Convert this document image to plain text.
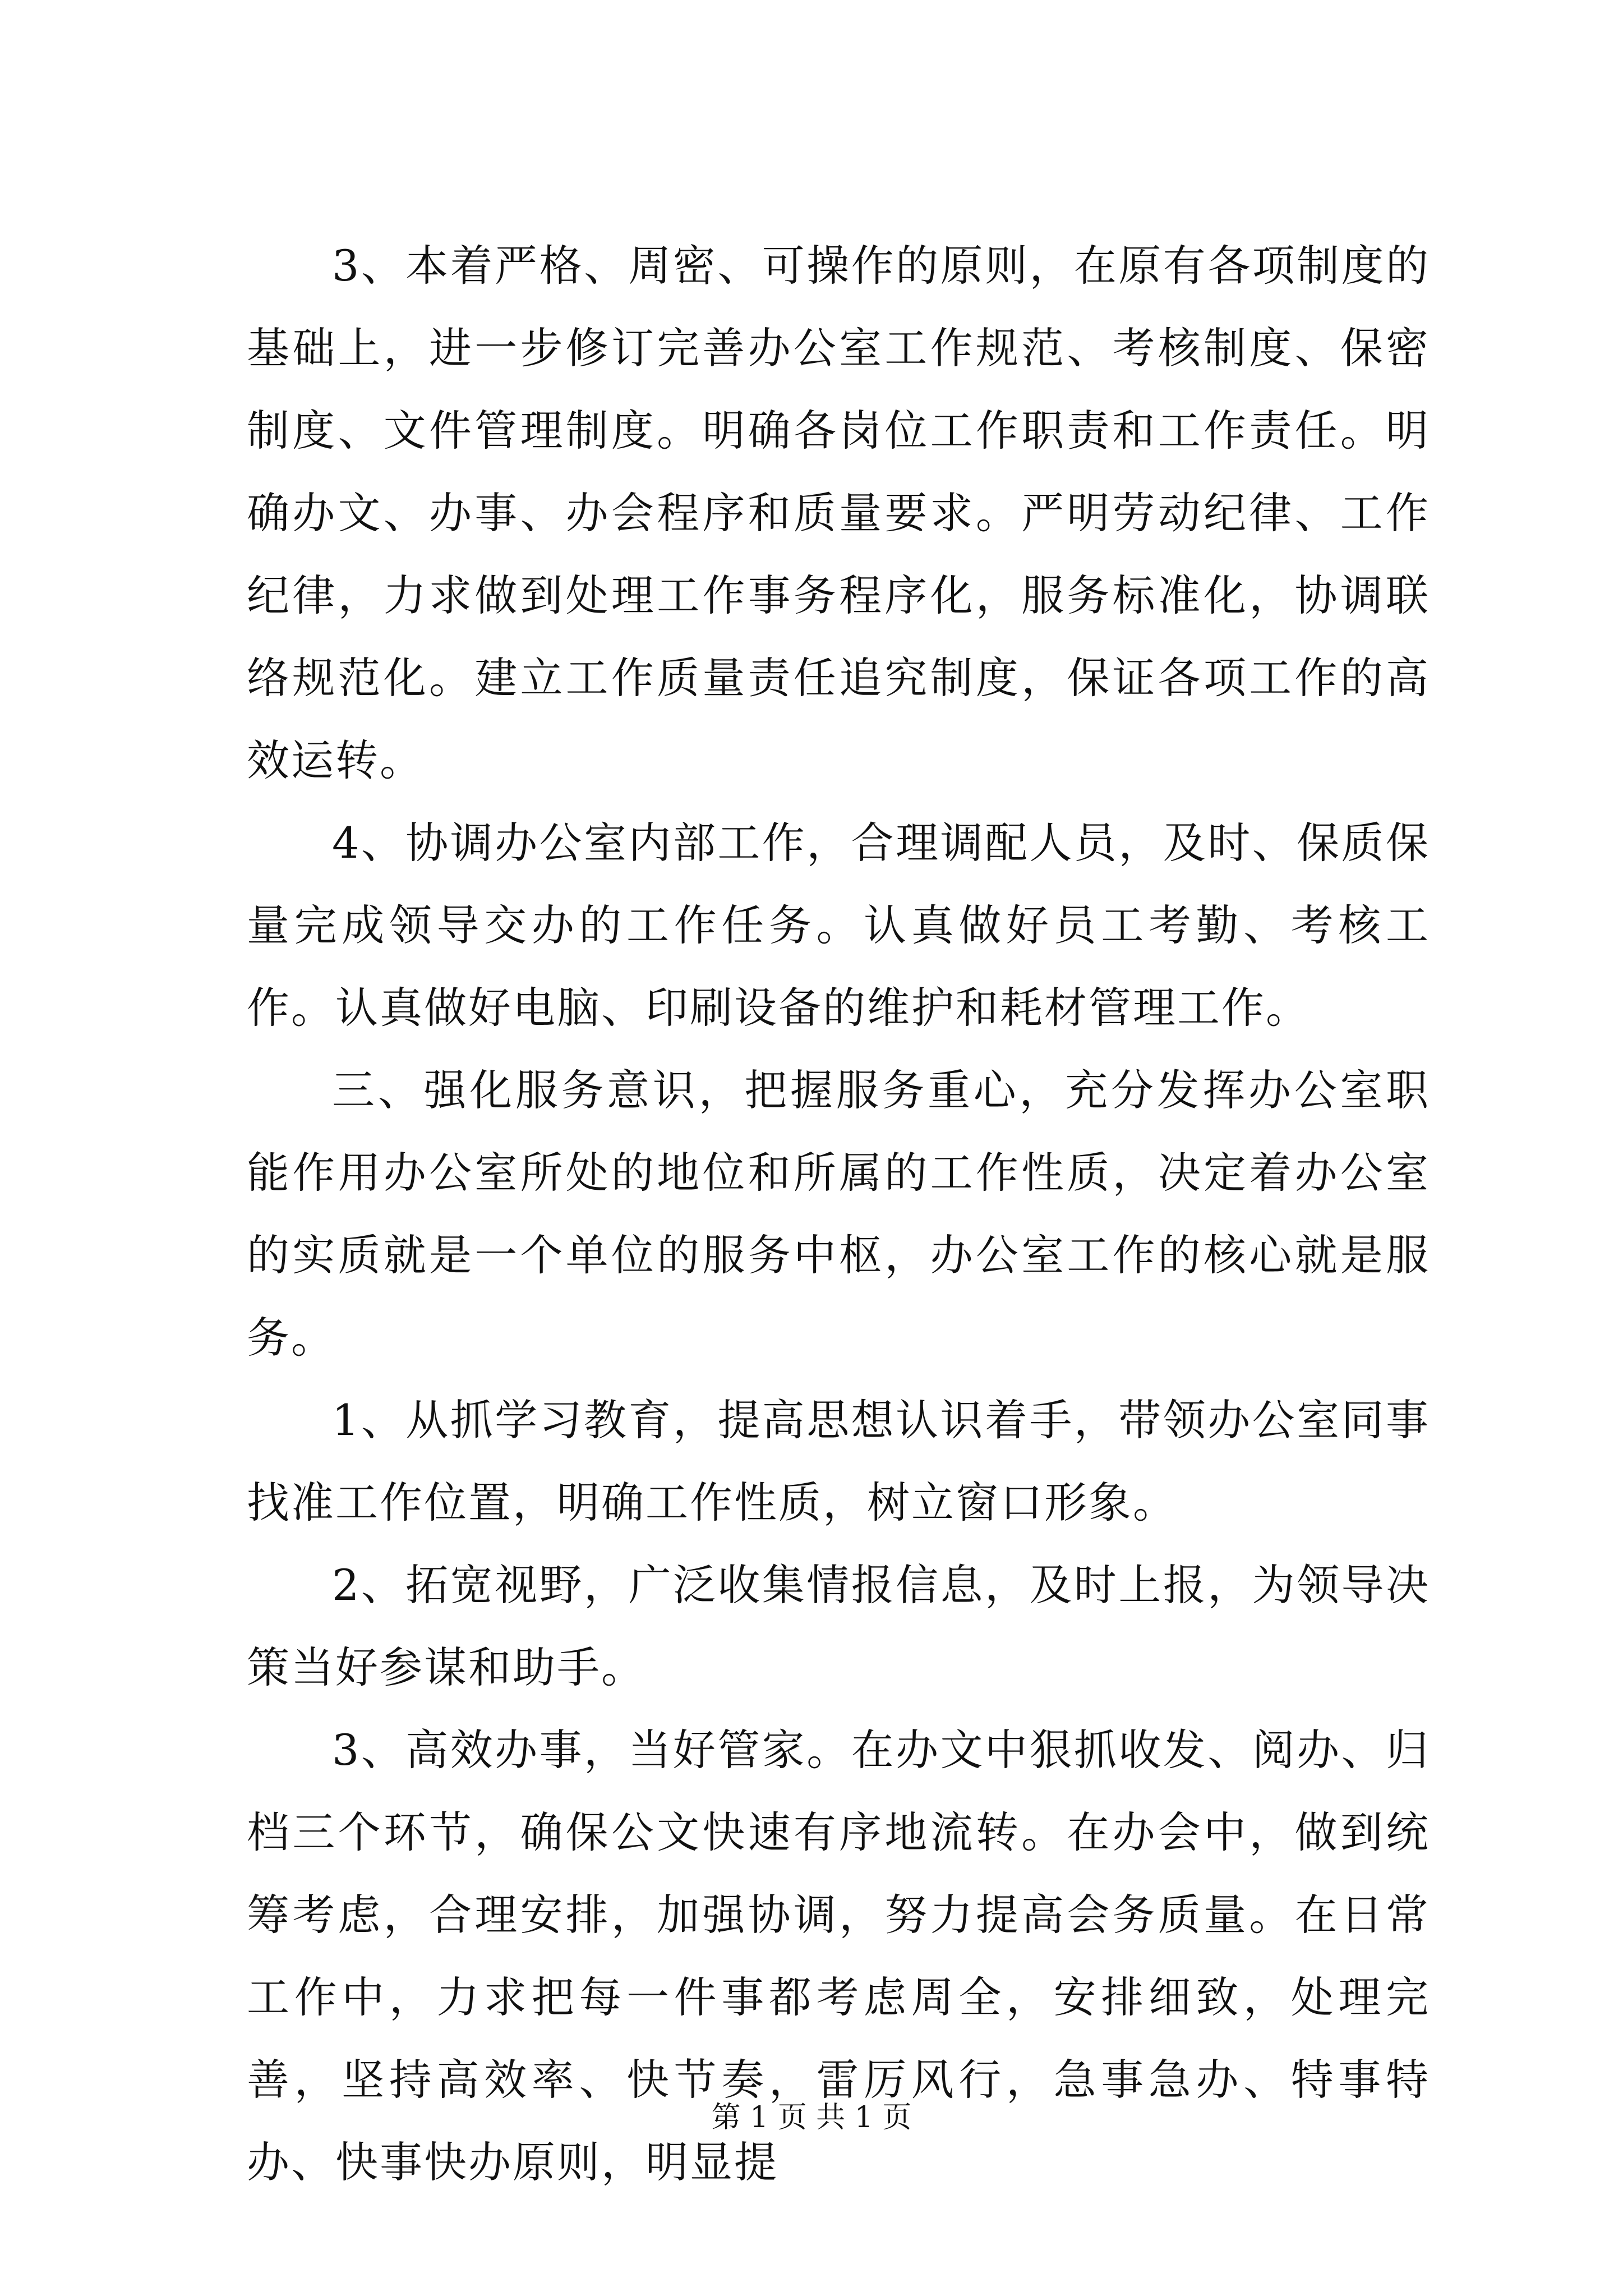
3、本着严格、周密、可操作的原则，在原有各项制度的基础上，进一步修订完善办公室工作规范、考核制度、保密制度、文件管理制度。明确各岗位工作职责和工作责任。明确办文、办事、办会程序和质量要求。严明劳动纪律、工作纪律，力求做到处理工作事务程序化，服务标准化，协调联络规范化。建立工作质量责任追究制度，保证各项工作的高效运转。

4、协调办公室内部工作，合理调配人员，及时、保质保量完成领导交办的工作任务。认真做好员工考勤、考核工作。认真做好电脑、印刷设备的维护和耗材管理工作。

三、强化服务意识，把握服务重心，充分发挥办公室职能作用办公室所处的地位和所属的工作性质，决定着办公室的实质就是一个单位的服务中枢，办公室工作的核心就是服务。

1、从抓学习教育，提高思想认识着手，带领办公室同事找准工作位置，明确工作性质，树立窗口形象。

2、拓宽视野，广泛收集情报信息，及时上报，为领导决策当好参谋和助手。

3、高效办事，当好管家。在办文中狠抓收发、阅办、归档三个环节，确保公文快速有序地流转。在办会中，做到统筹考虑，合理安排，加强协调，努力提高会务质量。在日常工作中，力求把每一件事都考虑周全，安排细致，处理完善，坚持高效率、快节奏，雷厉风行，急事急办、特事特办、快事快办原则，明显提

第 1 页 共 1 页
